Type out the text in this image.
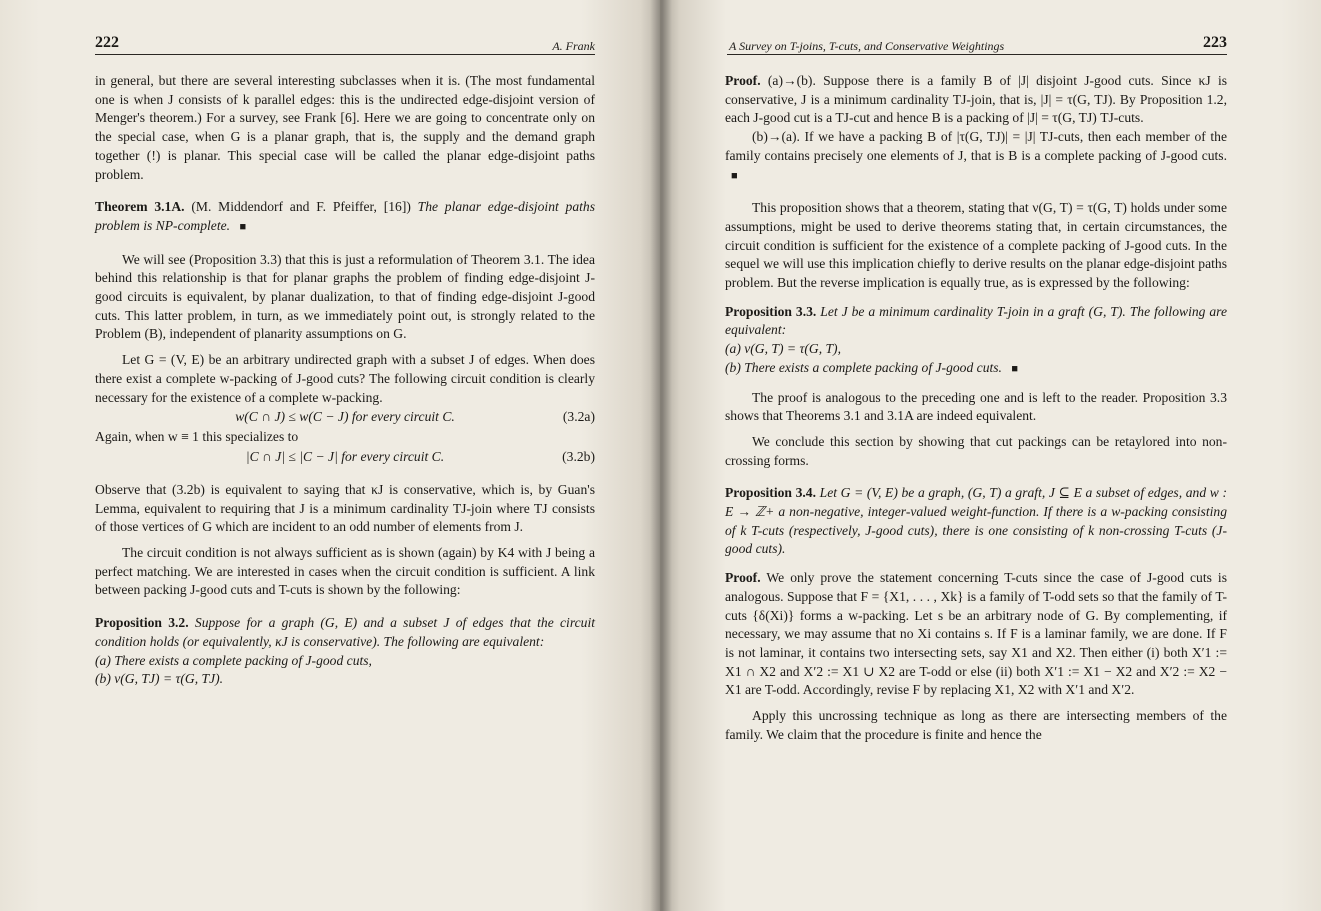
222	A. Frank

in general, but there are several interesting subclasses when it is. (The most fundamental one is when J consists of k parallel edges: this is the undirected edge-disjoint version of Menger's theorem.) For a survey, see Frank [6]. Here we are going to concentrate only on the special case, when G is a planar graph, that is, the supply and the demand graph together (!) is planar. This special case will be called the planar edge-disjoint paths problem.

Theorem 3.1A. (M. Middendorf and F. Pfeiffer, [16]) The planar edge-disjoint paths problem is NP-complete. ■

We will see (Proposition 3.3) that this is just a reformulation of Theorem 3.1. The idea behind this relationship is that for planar graphs the problem of finding edge-disjoint J-good circuits is equivalent, by planar dualization, to that of finding edge-disjoint J-good cuts. This latter problem, in turn, as we immediately point out, is strongly related to the Problem (B), independent of planarity assumptions on G.

Let G = (V, E) be an arbitrary undirected graph with a subset J of edges. When does there exist a complete w-packing of J-good cuts? The following circuit condition is clearly necessary for the existence of a complete w-packing.

w(C ∩ J) ≤ w(C − J) for every circuit C.	(3.2a)

Again, when w ≡ 1 this specializes to

|C ∩ J| ≤ |C − J| for every circuit C.	(3.2b)

Observe that (3.2b) is equivalent to saying that κJ is conservative, which is, by Guan's Lemma, equivalent to requiring that J is a minimum cardinality TJ-join where TJ consists of those vertices of G which are incident to an odd number of elements from J.

The circuit condition is not always sufficient as is shown (again) by K4 with J being a perfect matching. We are interested in cases when the circuit condition is sufficient. A link between packing J-good cuts and T-cuts is shown by the following:

Proposition 3.2. Suppose for a graph (G, E) and a subset J of edges that the circuit condition holds (or equivalently, κJ is conservative). The following are equivalent:

(a) There exists a complete packing of J-good cuts,

(b) ν(G, TJ) = τ(G, TJ).

A Survey on T-joins, T-cuts, and Conservative Weightings	223

Proof. (a)→(b). Suppose there is a family B of |J| disjoint J-good cuts. Since κJ is conservative, J is a minimum cardinality TJ-join, that is, |J| = τ(G, TJ). By Proposition 1.2, each J-good cut is a TJ-cut and hence B is a packing of |J| = τ(G, TJ) TJ-cuts.

(b)→(a). If we have a packing B of |τ(G, TJ)| = |J| TJ-cuts, then each member of the family contains precisely one elements of J, that is B is a complete packing of J-good cuts. ■

This proposition shows that a theorem, stating that ν(G, T) = τ(G, T) holds under some assumptions, might be used to derive theorems stating that, in certain circumstances, the circuit condition is sufficient for the existence of a complete packing of J-good cuts. In the sequel we will use this implication chiefly to derive results on the planar edge-disjoint paths problem. But the reverse implication is equally true, as is expressed by the following:

Proposition 3.3. Let J be a minimum cardinality T-join in a graft (G, T). The following are equivalent:

(a) ν(G, T) = τ(G, T),

(b) There exists a complete packing of J-good cuts. ■

The proof is analogous to the preceding one and is left to the reader. Proposition 3.3 shows that Theorems 3.1 and 3.1A are indeed equivalent.

We conclude this section by showing that cut packings can be retaylored into non-crossing forms.

Proposition 3.4. Let G = (V, E) be a graph, (G, T) a graft, J ⊆ E a subset of edges, and w : E → ℤ+ a non-negative, integer-valued weight-function. If there is a w-packing consisting of k T-cuts (respectively, J-good cuts), there is one consisting of k non-crossing T-cuts (J-good cuts).

Proof. We only prove the statement concerning T-cuts since the case of J-good cuts is analogous. Suppose that F = {X1, . . . , Xk} is a family of T-odd sets so that the family of T-cuts {δ(Xi)} forms a w-packing. Let s be an arbitrary node of G. By complementing, if necessary, we may assume that no Xi contains s. If F is a laminar family, we are done. If F is not laminar, it contains two intersecting sets, say X1 and X2. Then either (i) both X′1 := X1 ∩ X2 and X′2 := X1 ∪ X2 are T-odd or else (ii) both X′1 := X1 − X2 and X′2 := X2 − X1 are T-odd. Accordingly, revise F by replacing X1, X2 with X′1 and X′2.

Apply this uncrossing technique as long as there are intersecting members of the family. We claim that the procedure is finite and hence the
